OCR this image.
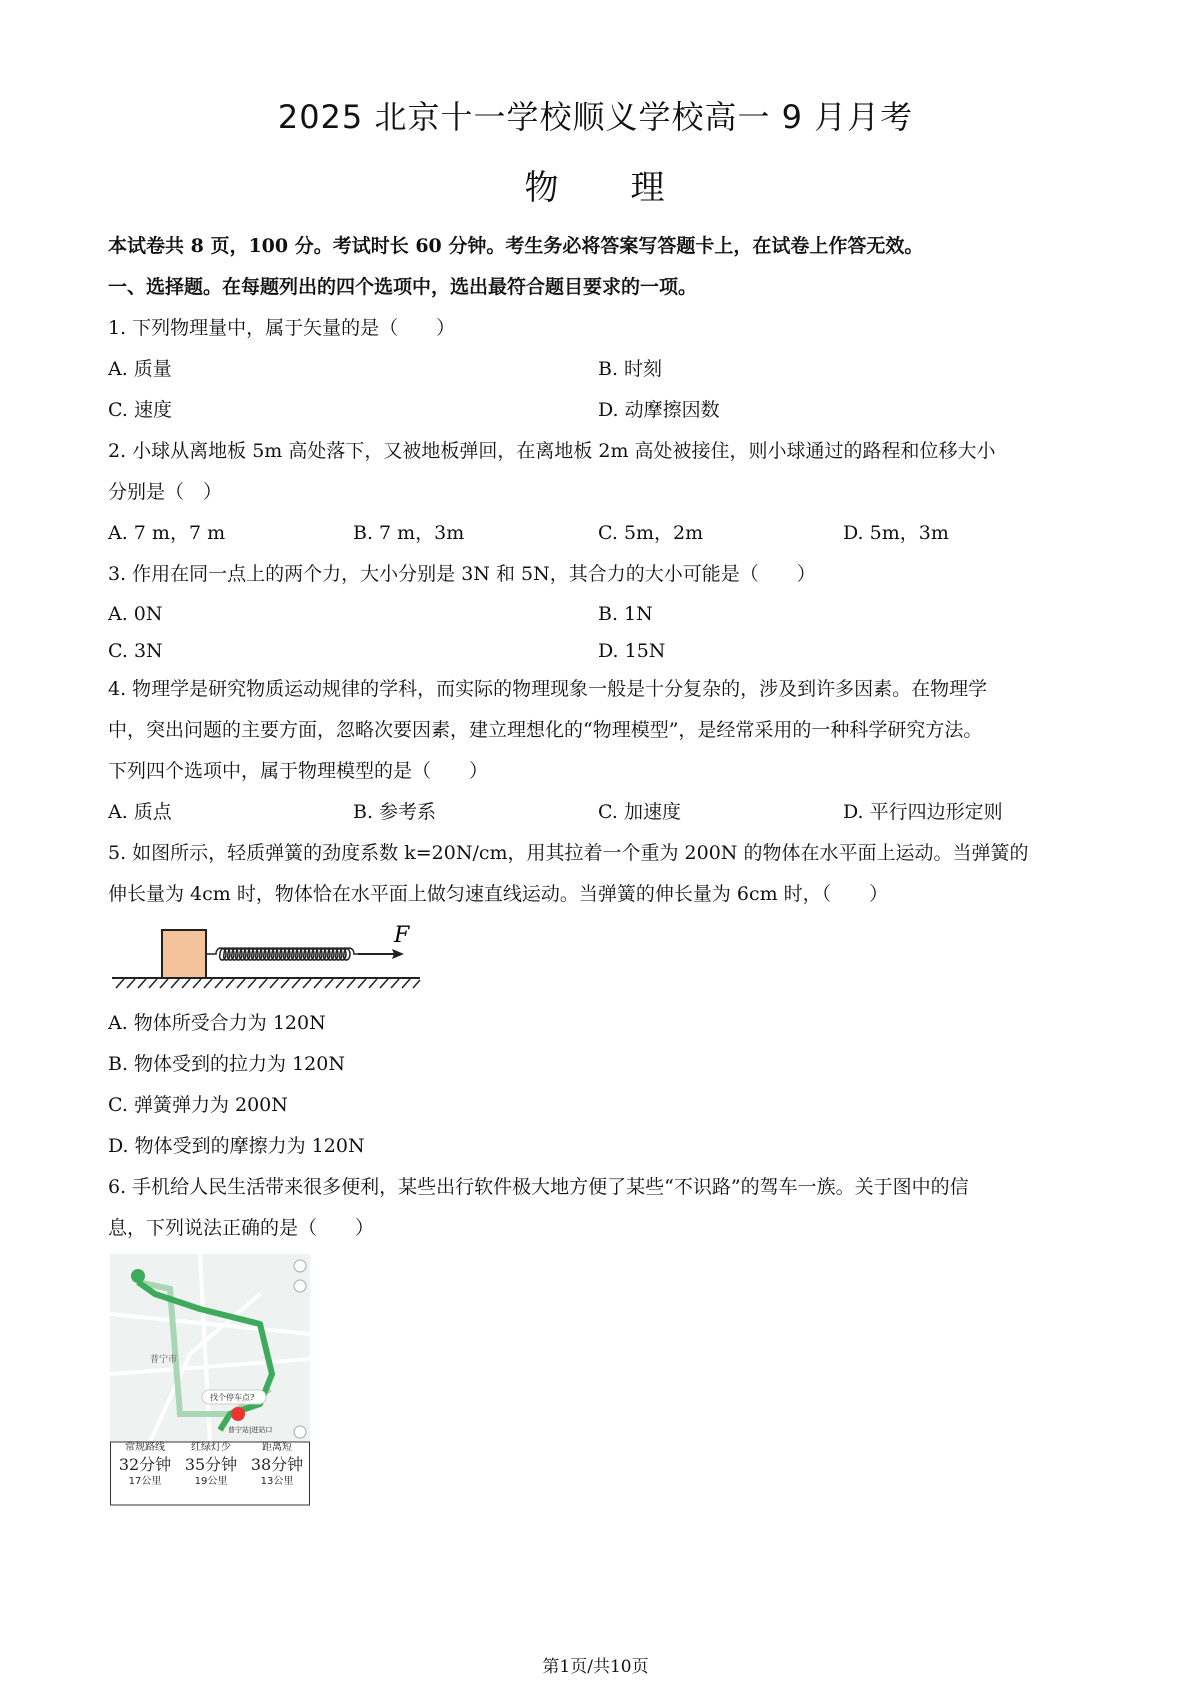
2025 北京十一学校顺义学校高一 9 月月考
物 理
本试卷共 8 页，100 分。考试时长 60 分钟。考生务必将答案写答题卡上，在试卷上作答无效。
一、选择题。在每题列出的四个选项中，选出最符合题目要求的一项。
1. 下列物理量中，属于矢量的是（　　）
A. 质量	B. 时刻
C. 速度	D. 动摩擦因数
2. 小球从离地板 5m 高处落下，又被地板弹回，在离地板 2m 高处被接住，则小球通过的路程和位移大小
分别是（　）
A. 7 m，7 m	B. 7 m，3m	C. 5m，2m	D. 5m，3m
3. 作用在同一点上的两个力，大小分别是 3N 和 5N，其合力的大小可能是（　　）
A. 0N	B. 1N
C. 3N	D. 15N
4. 物理学是研究物质运动规律的学科，而实际的物理现象一般是十分复杂的，涉及到许多因素。在物理学
中，突出问题的主要方面，忽略次要因素，建立理想化的“物理模型”，是经常采用的一种科学研究方法。
下列四个选项中，属于物理模型的是（　　）
A. 质点	B. 参考系	C. 加速度	D. 平行四边形定则
5. 如图所示，轻质弹簧的劲度系数 k=20N/cm，用其拉着一个重为 200N 的物体在水平面上运动。当弹簧的
伸长量为 4cm 时，物体恰在水平面上做匀速直线运动。当弹簧的伸长量为 6cm 时，（　　）
F
A. 物体所受合力为 120N
B. 物体受到的拉力为 120N
C. 弹簧弹力为 200N
D. 物体受到的摩擦力为 120N
6. 手机给人民生活带来很多便利，某些出行软件极大地方便了某些“不识路”的驾车一族。关于图中的信
息，下列说法正确的是（　　）
普宁市
找个停车点?
普宁站|进站口
常规路线
32分钟
17公里
红绿灯少
35分钟
19公里
距离短
38分钟
13公里
第1页/共10页
